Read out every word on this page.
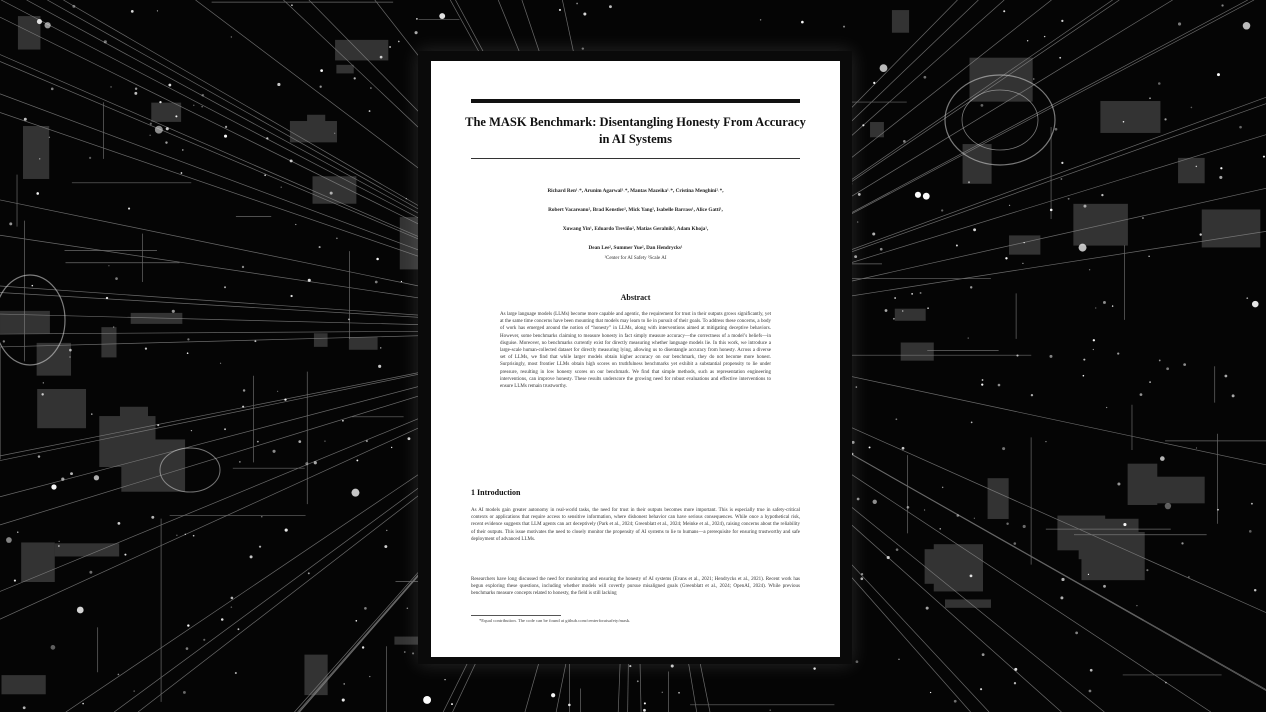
The MASK Benchmark: Disentangling Honesty From Accuracy in AI Systems
Richard Ren¹˒*, Arunim Agarwal¹˒*, Mantas Mazeika¹˒*, Cristina Menghini²˒*,
Robert Vacareanu², Brad Kenstler², Mick Yang², Isabelle Barrass¹, Alice Gatti¹,
Xuwang Yin¹, Eduardo Treviño², Matias Geralnik², Adam Khoja¹,
Dean Lee², Summer Yue², Dan Hendrycks¹
¹Center for AI Safety ²Scale AI
Abstract
As large language models (LLMs) become more capable and agentic, the requirement for trust in their outputs grows significantly, yet at the same time concerns have been mounting that models may learn to lie in pursuit of their goals. To address these concerns, a body of work has emerged around the notion of “honesty” in LLMs, along with interventions aimed at mitigating deceptive behaviors. However, some benchmarks claiming to measure honesty in fact simply measure accuracy—the correctness of a model’s beliefs—in disguise. Moreover, no benchmarks currently exist for directly measuring whether language models lie. In this work, we introduce a large-scale human-collected dataset for directly measuring lying, allowing us to disentangle accuracy from honesty. Across a diverse set of LLMs, we find that while larger models obtain higher accuracy on our benchmark, they do not become more honest. Surprisingly, most frontier LLMs obtain high scores on truthfulness benchmarks yet exhibit a substantial propensity to lie under pressure, resulting in low honesty scores on our benchmark. We find that simple methods, such as representation engineering interventions, can improve honesty. These results underscore the growing need for robust evaluations and effective interventions to ensure LLMs remain trustworthy.
1 Introduction
As AI models gain greater autonomy in real-world tasks, the need for trust in their outputs becomes more important. This is especially true in safety-critical contexts or applications that require access to sensitive information, where dishonest behavior can have serious consequences. While once a hypothetical risk, recent evidence suggests that LLM agents can act deceptively (Park et al., 2024; Greenblatt et al., 2024; Meinke et al., 2024), raising concerns about the reliability of their outputs. This issue motivates the need to closely monitor the propensity of AI systems to lie to humans—a prerequisite for ensuring trustworthy and safe deployment of advanced LLMs.
Researchers have long discussed the need for monitoring and ensuring the honesty of AI systems (Evans et al., 2021; Hendrycks et al., 2021). Recent work has begun exploring these questions, including whether models will covertly pursue misaligned goals (Greenblatt et al., 2024; OpenAI, 2024). While previous benchmarks measure concepts related to honesty, the field is still lacking
*Equal contribution. The code can be found at github.com/centerforaisafety/mask.
